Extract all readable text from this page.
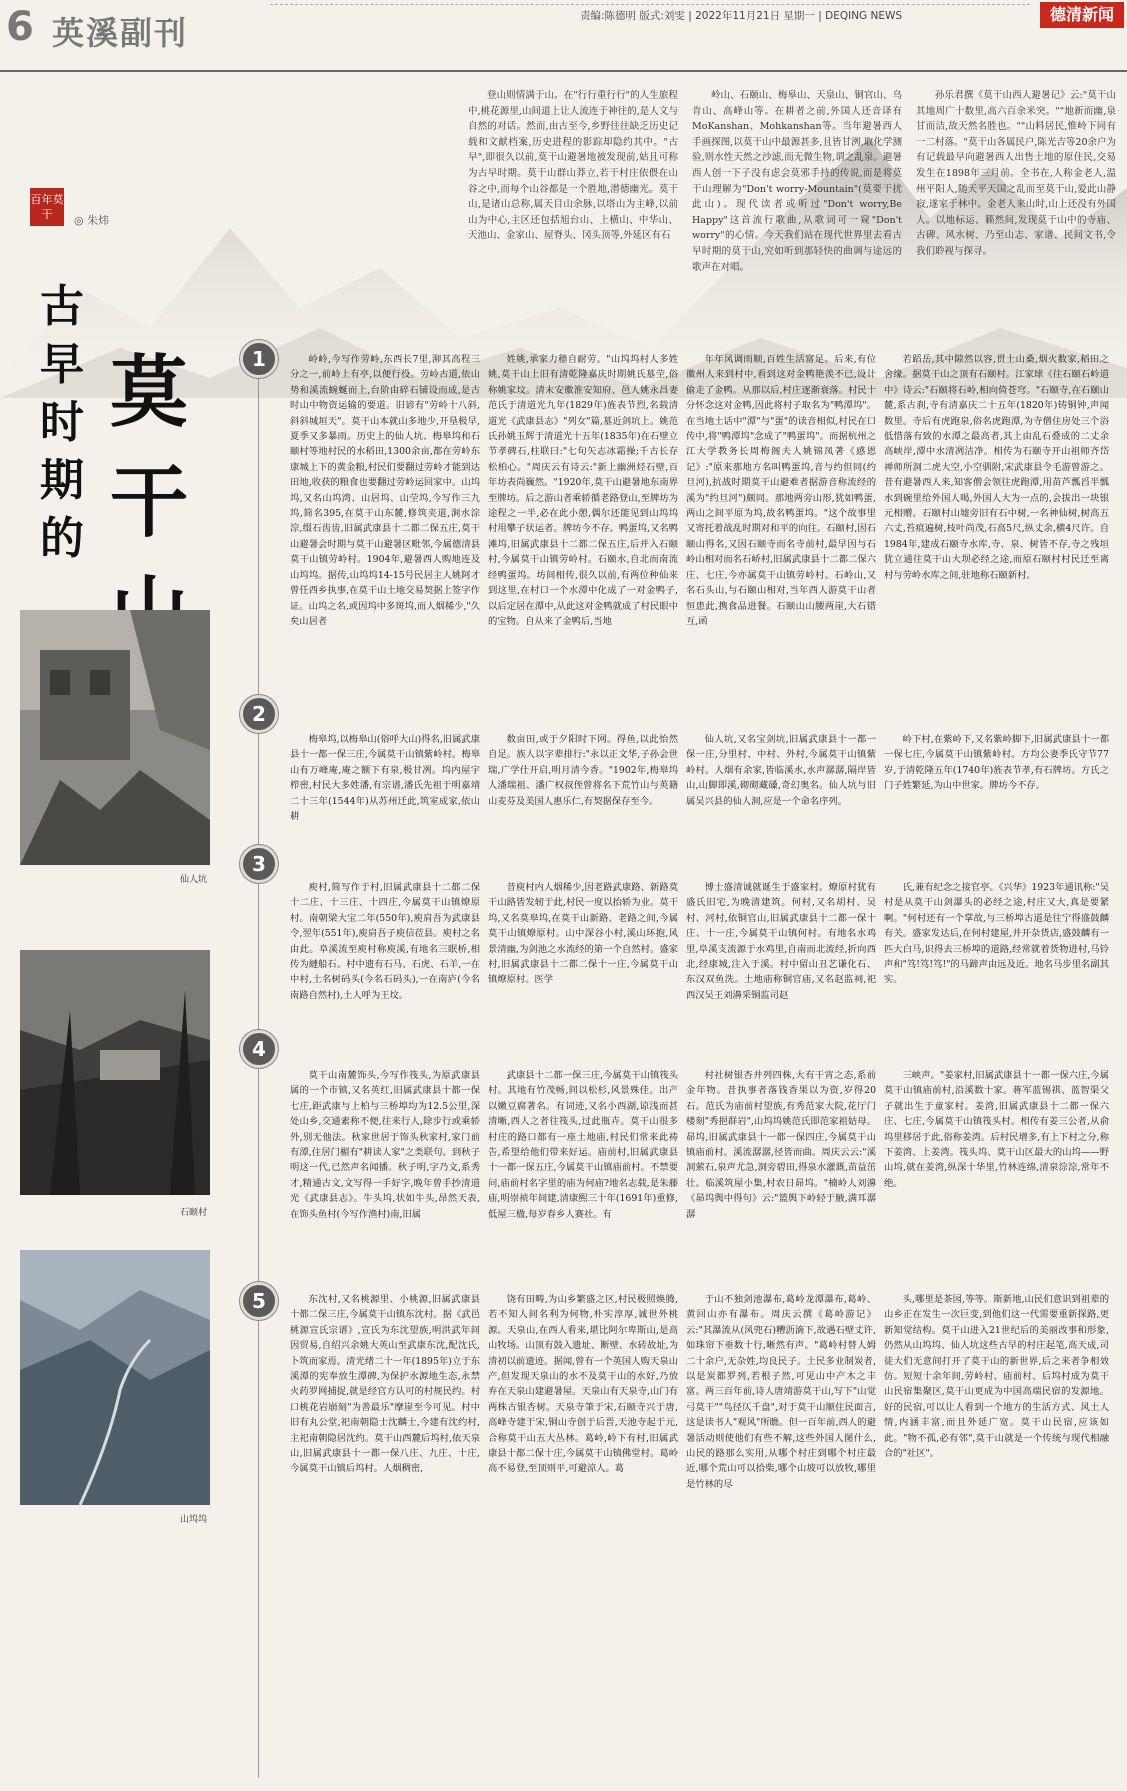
6 英溪副刊	责编:陈德明 版式:刘雯 | 2022年11月21日 星期一 | DEQING NEWS	德清新闻
百年莫干	◎ 朱炜
古早时期的
莫干
登山则情满于山。在"行行重行行"的人生旅程中,桃花源里,山间道上让人流连于神往的,是人文与自然的对话。然而,由古至今,乡野往往缺乏历史记载和文献档案,历史进程的影踪却隐约其中。"古早",即很久以前,莫干山避暑地被发现前,姑且可称为古早时期。莫干山群山莽立,若干村庄依偎在山谷之中,而每个山谷都是一个胜地,潜德幽光。莫干山,是诸山总称,属天目山余脉,以塔山为主峰,以前山为中心,主区还包括旭台山、上横山、中华山、天池山、金家山、屋脊头、冈头顶等,外延区有石
岭山、石颐山、梅皋山、天泉山、铜官山、乌肯山、高峰山等。在耕者之前,外国人还音译有MoKanshan、Mohkanshan等。当年避暑西人手画探图,以莫干山中最源甚多,且皆甘洌,取化学测验,则水性天然之沙滤,而无微生物,谓之乱泉。避暑西人创一下子没有虑会莫邪手持的传说,而是将莫干山理解为"Don't worry-Mountain"(莫要干扰此山)。现代读者或听过"Don't worry,Be Happy"这首流行歌曲,从歌词可一窥"Don't worry"的心情。今天我们站在现代世界里去看古早时期的莫干山,究如听到那轻快的曲调与途远的歌声在对唱。
孙乐君撰《莫干山西人避暑记》云:"莫干山其地周广十数里,高六百余米突。""地新而幽,泉甘而洁,故天然名胜也。""山料居民,惟岭下同有一二村落。"莫干山各属民户,陈光吉等20余户为有记载最早向避暑西人出售土地的原住民,交易发生在1898年三月前。全书在,人称金老人,温州平阳人,随天平天国之乱而至莫干山,爱此山静寂,遂家于林中。金老人来山时,山上还没有外国人。以地标运、籁然间,发现莫干山中的寺庙、古碑、风水树、乃至山志、家谱、民间文书,令我们聆视与探寻。
仙人坑
石颐村
山坞坞
1	岭岭,今写作劳岭,东西长7里,泖其高程三分之一,前岭上有亭,以便行役。劳岭古道,依山势和溪流蜿蜒而上,台阶由碎石铺设而成,是古时山中物资运输的要道。旧谚有"劳岭十八斜,斜斜城垣天"。莫干山本就山多地少,开垦极早,夏季又多暴雨。历史上的仙人坑、梅皋坞和石颐村等地村民的水稻田,1300余亩,都在劳岭东康城上下的黄金粮,村民们要翻过劳岭才能到达田地,收获的粮食也要翻过劳岭运回家中。山坞坞,又名山坞湾、山居坞、山茔坞,今写作三九坞,简名395,在莫干山东麓,修筑夹道,涧水淙淙,缀石齿齿,旧属武康县十二都二保五庄,莫干山避暑会时期与莫干山避暑区毗邻,今属德清县莫干山镇劳岭村。1904年,避暑西人购地连及山坞坞。据传,山坞坞14-15号民居主人姚阿才曾任西乡执事,在莫干山土地交易契据上签字作证。山坞之名,或因坞中多斑坞,而人烟稀少,"久矣山居者
姓姚,承家力穑自耐劳。"山坞坞村人多姓姚,莫干山上旧有清乾隆嘉庆时期姚氏墓茔,俗称姚家坟。清末安徽淮安知府、邑人姚永昌妻范氏于清道光九年(1829年)旌表节烈,名载清道光《武康县志》"列女"篇,墓近剑坑上。姚范氏孙姚玉辉于清道光十五年(1835年)在石壁立节孝碑石,柱联曰:"七旬矢志冰霜操;千古长存松柏心。"周庆云有诗云:"新上幽洲烃石壁,百年坊表尚巍然。"1920年,莫干山避暑地东南界至牌坊。后之游山者乘轿循老路登山,至牌坊为途程之一半,必在此小憩,偶尔还能见到山坞坞村用攀子状运者。牌坊今不存。鸭蛋坞,又名鸭滩坞,旧属武康县十二都二保五庄,后并入石颐村,今属莫干山镇劳岭村。石颐水,自北而南流经鸭蛋坞。坊间相传,很久以前,有两位种仙来到这里,在村口一个水潭中化成了一对金鸭子,以后定居在潭中,从此这对金鸭就成了村民眼中的宝物。自从来了金鸭后,当地
年年风调雨顺,百姓生活富足。后来,有位徽州人来到村中,看到这对金鸭艳羡不已,设计偷走了金鸭。从那以后,村庄逐渐衰落。村民十分怀念这对金鸭,因此将村子取名为"鸭潭坞"。在当地土话中"潭"与"蛋"的读音相似,村民在口传中,将"鸭潭坞"念成了"鸭蛋坞"。而据杭州之江大学教务长周梅阁夫人姚锦凤著《感恩记》:"原来那地方名叫鸭蛋坞,音与约但同(约旦河),抗战时期莫干山避难者据游音称流经的溪为"约旦河")颇同。那地两旁山形,犹如鸭蛋,两山之间平原为坞,故名鸭蛋坞。"这个故事里又寄托着战乱时期对和平的向往。石颐村,因石颐山得名,又因石颐寺而名寺前村,最早因与石岭山相对而名石峤村,旧属武康县十二都二保六庄、七庄,今亦属莫干山镇劳岭村。石岭山,又名石头山,与石颐山相对,当年西人游莫干山者恒患此,携食品进餐。石颐山山腰两崖,大石错互,函
若蹈岳,其中隙然以容,贯土山桑,烟火数家,稻田之舍缘。据莫干山之顶有石颐村。江家球《往石颐石岭道中》诗云:"石颐将石岭,相向倚苍穹。"石颐寺,在石颐山麓,系古刹,寺有清嘉庆二十五年(1820年)铸铜钟,声闻数里。寺后有虎跑泉,俗名虎跑潭,为寺僧住房处三个浴低惜落有致的水潭之最高者,其上由乱石叠成的二丈余高峡岸,潭中水清冽洁净。相传为石颐寺开山祖师齐岱禅师所洞二虎大空,小空驯附,宋武康县令毛游曾游之。昔有避暑西人来,知客僧会领往虎跑潭,用苗芦瓢舀半瓢水到碗里给外国人喝,外国人大为一点的,会拔出一块银元相赠。石颐村山墟旁旧有石中树,一名神仙树,树高五六丈,苔痕遍树,枝叶尚茂,石高5尺,纵丈余,横4尺许。自1984年,建成石颐寺水库,寺、泉、树皆不存,寺之残垣犹立通往莫干山大坝必经之途,而原石颐村村民迁至离村与劳岭水库之间,驻地称石颐新村。
2
梅皋坞,以梅皋山(俗呼大山)得名,旧属武康县十一都一保三庄,今属莫干山镇紫岭村。梅皋山有万峰庵,庵之额下有泉,极甘冽。坞内屋宇栉密,村民大多姓潘,有宗谱,潘氏先祖于明嘉靖二十三年(1544年)从苏州迁此,筑室成家,依山耕
数亩田,或于夕阳时下网。得鱼,以此怡然自足。族人以字辈排行:"永以正文华,子孙会世瑞,广学仕开启,明月清今香。"1902年,梅皋坞人潘瑞祖、潘广权叔侄曾将名下荒竹山与英籍山麦芬及美国人惠乐仁,有契据保存至今。
仙人坑,又名宝剑坑,旧属武康县十一都一保一庄,分里村、中村、外村,今属莫干山镇紫岭村。人烟有余家,皆临溪水,水声潺潺,隔岸皆山,山脚即溪,砌砌藏磉,奇幻奥名。仙人坑与旧属吴兴县的仙人洞,应是一个命名序列。
岭下村,在紫岭下,又名紫岭脚下,旧属武康县十一都一保七庄,今属莫干山镇紫岭村。方均公妻季氏守节77岁,于清乾隆五年(1740年)旌表节孝,有石牌坊。方氏之门子姓繁延,为山中世家。牌坊今不存。
3
庾村,简写作于村,旧属武康县十二都二保十二庄、十三庄、十四庄,今属莫干山镇燎原村。南朝梁大宝二年(550年),庾肩吾为武康县令,翌年(551年),庾肩吾子庾信莅县。庾村之名由此。阜溪流至庾村称庾溪,有地名三眠桥,相传为縺船石。村中遗有石马、石虎、石羊,一在中村,土名树码头(今名石码头),一在南庐(今名南路自然村),土人呼为王坟。
昔庾村内人烟稀少,因老路武康路、新路莫干山路皆发轫于此,村民一度以抬轿为业。莫干坞,又名莫皋坞,在莫干山新路、老路之间,今属莫干山镇燎原村。山中深谷小村,溪山环抱,风景清幽,为剑池之水流经的第一个自然村。盛家村,旧属武康县十二都二保十一庄,今属莫干山镇燎原村。医学
博士盛清诚就诞生于盛家村。燎原村犹有盛氏旧宅,为晚清建筑。何村,又名胡村、吴村、河村,依铜官山,旧属武康县十二都一保十庄、十一庄,今属莫干山镇何村。有地名水鸡里,阜溪支流源于水鸡里,自南而北流经,折向西北,经康城,注入于溪。村中留山丑艺谦化石、东汉双鱼洗。土地庙称铜官庙,又名赵监祠,祀西汉吴王刘濞采铜监司赵
氏,兼有纪念之接官亭。《兴华》1923年通讯称:"吴村是从莫干山剑瀑头的必经之途,村庄又大,真是要紧啊。"何村还有一个掌故,与三桥埠古道是往宁得盛鼓麟有关。盛家发达后,在何村建屋,并开杂货店,盛鼓麟有一匹大白马,识得去三桥埠的道路,经常就着货物进村,马铃声和"笃!笃!笃!"的马蹄声由远及近。地名马步里名副其实。
4
莫干山南麓饰头,今写作筏头,为原武康县属的一个市镇,又名英红,旧属武康县十都一保七庄,距武康与上柏与三桥埠均为12.5公里,深处山乡,交通素称不便,往来行人,除步行或乘轿外,别无他法。秋家世居于饰头秋家村,家门前有潭,住居门楣有"耕读人家"之类联句。到秋子明这一代,已然声名闻播。秋子明,字乃文,系秀才,精通古文,文写得一手好字,晚年曾手抄清道光《武康县志》。牛头坞,状如牛头,昂然天表,在饰头鱼村(今写作渔村)南,旧属
武康县十二都一保三庄,今属莫干山镇筏头村。其地有竹茂畅,间以松杉,风景殊佳。出产以嫩豆腐著名。有词迹,又名小西湖,谅浅而甚清晰,西人之者往筏头,过此瓶卉。莫干山很多村庄的路口都有一座土地庙,村民们常来此祷告,希望给他们带来好运。庙前村,旧属武康县十一都一保五庄,今属莫干山镇庙前村。不禁要问,庙前村名字里的庙为何庙?地名志载,是朱藤庙,明崇祯年间建,清康熙三十年(1691年)重修,低屋三楹,每岁春乡人赛社。有
村社树银杏并列四株,大有干宵之态,系前金年物。昔执事者落钱香果以为资,岁得20石。范氏为庙前村望族,有秀范家大院,花厅门楼刻"秀挹群岩",山坞坞姚范氏即范家祖姑母。昴坞,旧属武康县十一都一保四庄,今属莫干山镇庙前村。溪流潺潺,径皆而曲。周庆云云:"溪洞萦石,泉声尤急,洞旁碧田,得泉水灌溉,苗益茁壮。临溪筑屋小集,村农日昴坞。"楠岭人刘濞《昴坞舆中得句》云:"篮舆下岭轻于腋,满耳潺潺
三峡声。"姜家村,旧属武康县十一都一保六庄,今属莫干山镇庙前村,沿溪数十家。蒋军蓝锡祺、蓝智渠父子就出生于童家村。姜湾,旧属武康县十二都一保六庄、七庄,今属莫干山镇筏头村。相传有姜三公者,从俞坞里移居于此,俗称姜湾。后村民增多,有上下村之分,称下姜湾、上姜湾。筏头坞、莫干山区最大的山坞——野山坞,就在姜湾,纵深十华里,竹林连绵,清泉淙淙,常年不绝。
5	东沈村,又名桃源里、小桃源,旧属武康县十都二保三庄,今属莫干山镇东沈村。据《武邑桃源宣氏宗谱》,宣氏为东沈望族,明洪武年间因贸易,自绍兴余姚大英山至武康东沈,配沈氏,卜筑而家焉。清光绪二十一年(1895年)立于东溪潭的宪奉放生潭碑,为保护水源地生态,永禁火药罗网捕捉,就是经官方认可的村规民约。村口桃花岩崩刻"为善最乐"摩崖至今可见。村中旧有丸公堂,祀南朝隐士沈麟士,今建有沈约村,主祀南朝隐居沈约。莫干山西麓后坞村,依天泉山,旧属武康县十一都一保八庄、九庄、十庄,今属莫干山镇后坞村。人烟稠密,
饶有田畴,为山乡繁盛之区,村民极照焕腾,若不知人间名利为何物,朴实淳厚,诚世外桃源。天泉山,在西人看来,堪比阿尔卑斯山,是高山牧场。山顶有鼓入遗址、断壁、水砖故址,为清初以前遗迹。据闻,曾有一个英国人购天泉山产,但发现天泉山的水不及莫干山的水好,乃放弃在天泉山建避暑屋。天泉山有天泉寺,山门有两株古银杏树。天泉寺筆于宋,石颐寺兴于唐,高峰寺建于宋,铜山寺创于后晋,天池寺起于元,合称莫干山五大丛林。葛岭,岭下有村,旧属武康县十都二保十庄,今属莫干山镇佛堂村。葛岭高不易登,至顶则平,可避涼人。葛
于山不独剑池瀑布,葛岭龙潭瀑布,葛岭、黄回山亦有瀑布。周庆云撰《葛岭游记》云:"其瀑流从(风兜石)糟沥滴下,故遇石壁丈许,如珠帘下垂数十行,晰然有声。"葛岭村替人姆二十余户,无杂姓,均良民子。土民多业制炭者,以是炭都罗列,若根子然,可见山中产木之丰富。两三百年前,诗人唐靖游莫干山,写下"山觉弓莫干""鸟径仄千盘",对于莫干山顺住民面言,这是读书人"观风"所瞧。但一百年前,西人的避暑活动则使他们有些不解,这些外国人图什么,山民的路那么实用,从哪个村庄到哪个村庄最近,哪个荒山可以拾柴,哪个山坡可以放牧,哪里是竹林的尽
头,哪里是茶园,等等。斯新地,山民们意识到祖辈的山乡正在发生一次巨变,到他们这一代需要重新探路,更新知觉结构。莫干山进入21世纪后的美丽改事和形象,仍然从山坞坞、仙人坑这些古早的村庄起笔,高天成,司徒大们无意间打开了莫干山的新世界,后之来者争相效仿。短短十余年间,劳岭村、庙前村、后坞村成为莫干山民宿集聚区,莫干山更成为中国高端民宿的发源地。好的民宿,可以让人看到一个地方的生活方式、风土人情,内涵丰富,而且外延广宽。莫干山民宿,应该如此。"物不孤,必有邻",莫干山就是一个传统与现代相融合的"社区"。
